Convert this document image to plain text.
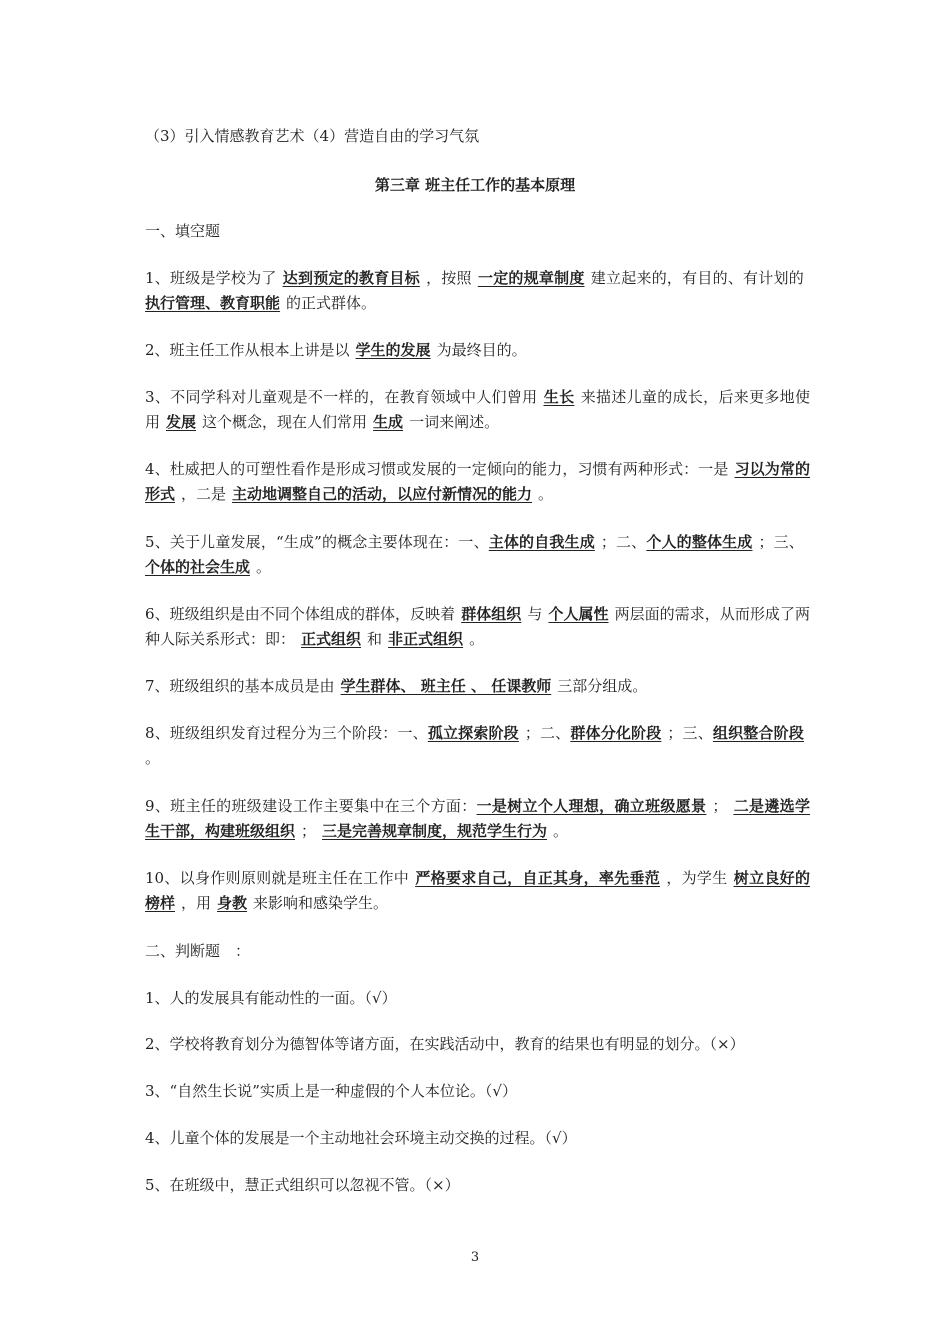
（3）引入情感教育艺术（4）营造自由的学习气氛
第三章 班主任工作的基本原理
一、填空题
1、班级是学校为了 达到预定的教育目标 ，按照 一定的规章制度 建立起来的，有目的、有计划的执行管理、教育职能 的正式群体。
2、班主任工作从根本上讲是以 学生的发展 为最终目的。
3、不同学科对儿童观是不一样的，在教育领域中人们曾用 生长 来描述儿童的成长，后来更多地使用 发展 这个概念，现在人们常用 生成 一词来阐述。
4、杜威把人的可塑性看作是形成习惯或发展的一定倾向的能力，习惯有两种形式：一是 习以为常的形式 ，二是 主动地调整自己的活动，以应付新情况的能力 。
5、关于儿童发展，“生成”的概念主要体现在：一、主体的自我生成 ；二、个人的整体生成 ；三、个体的社会生成 。
6、班级组织是由不同个体组成的群体，反映着 群体组织 与 个人属性 两层面的需求，从而形成了两种人际关系形式：即： 正式组织 和 非正式组织 。
7、班级组织的基本成员是由 学生群体、 班主任 、 任课教师 三部分组成。
8、班级组织发育过程分为三个阶段：一、孤立探索阶段 ；二、群体分化阶段 ；三、组织整合阶段。
9、班主任的班级建设工作主要集中在三个方面：一是树立个人理想，确立班级愿景 ； 二是遴选学生干部，构建班级组织 ； 三是完善规章制度，规范学生行为 。
10、以身作则原则就是班主任在工作中 严格要求自己，自正其身，率先垂范 ，为学生 树立良好的榜样 ，用 身教 来影响和感染学生。
二、判断题　：
1、人的发展具有能动性的一面。（√）
2、学校将教育划分为德智体等诸方面，在实践活动中，教育的结果也有明显的划分。（×）
3、“自然生长说”实质上是一种虚假的个人本位论。（√）
4、儿童个体的发展是一个主动地社会环境主动交换的过程。（√）
5、在班级中，慧正式组织可以忽视不管。（×）
3
